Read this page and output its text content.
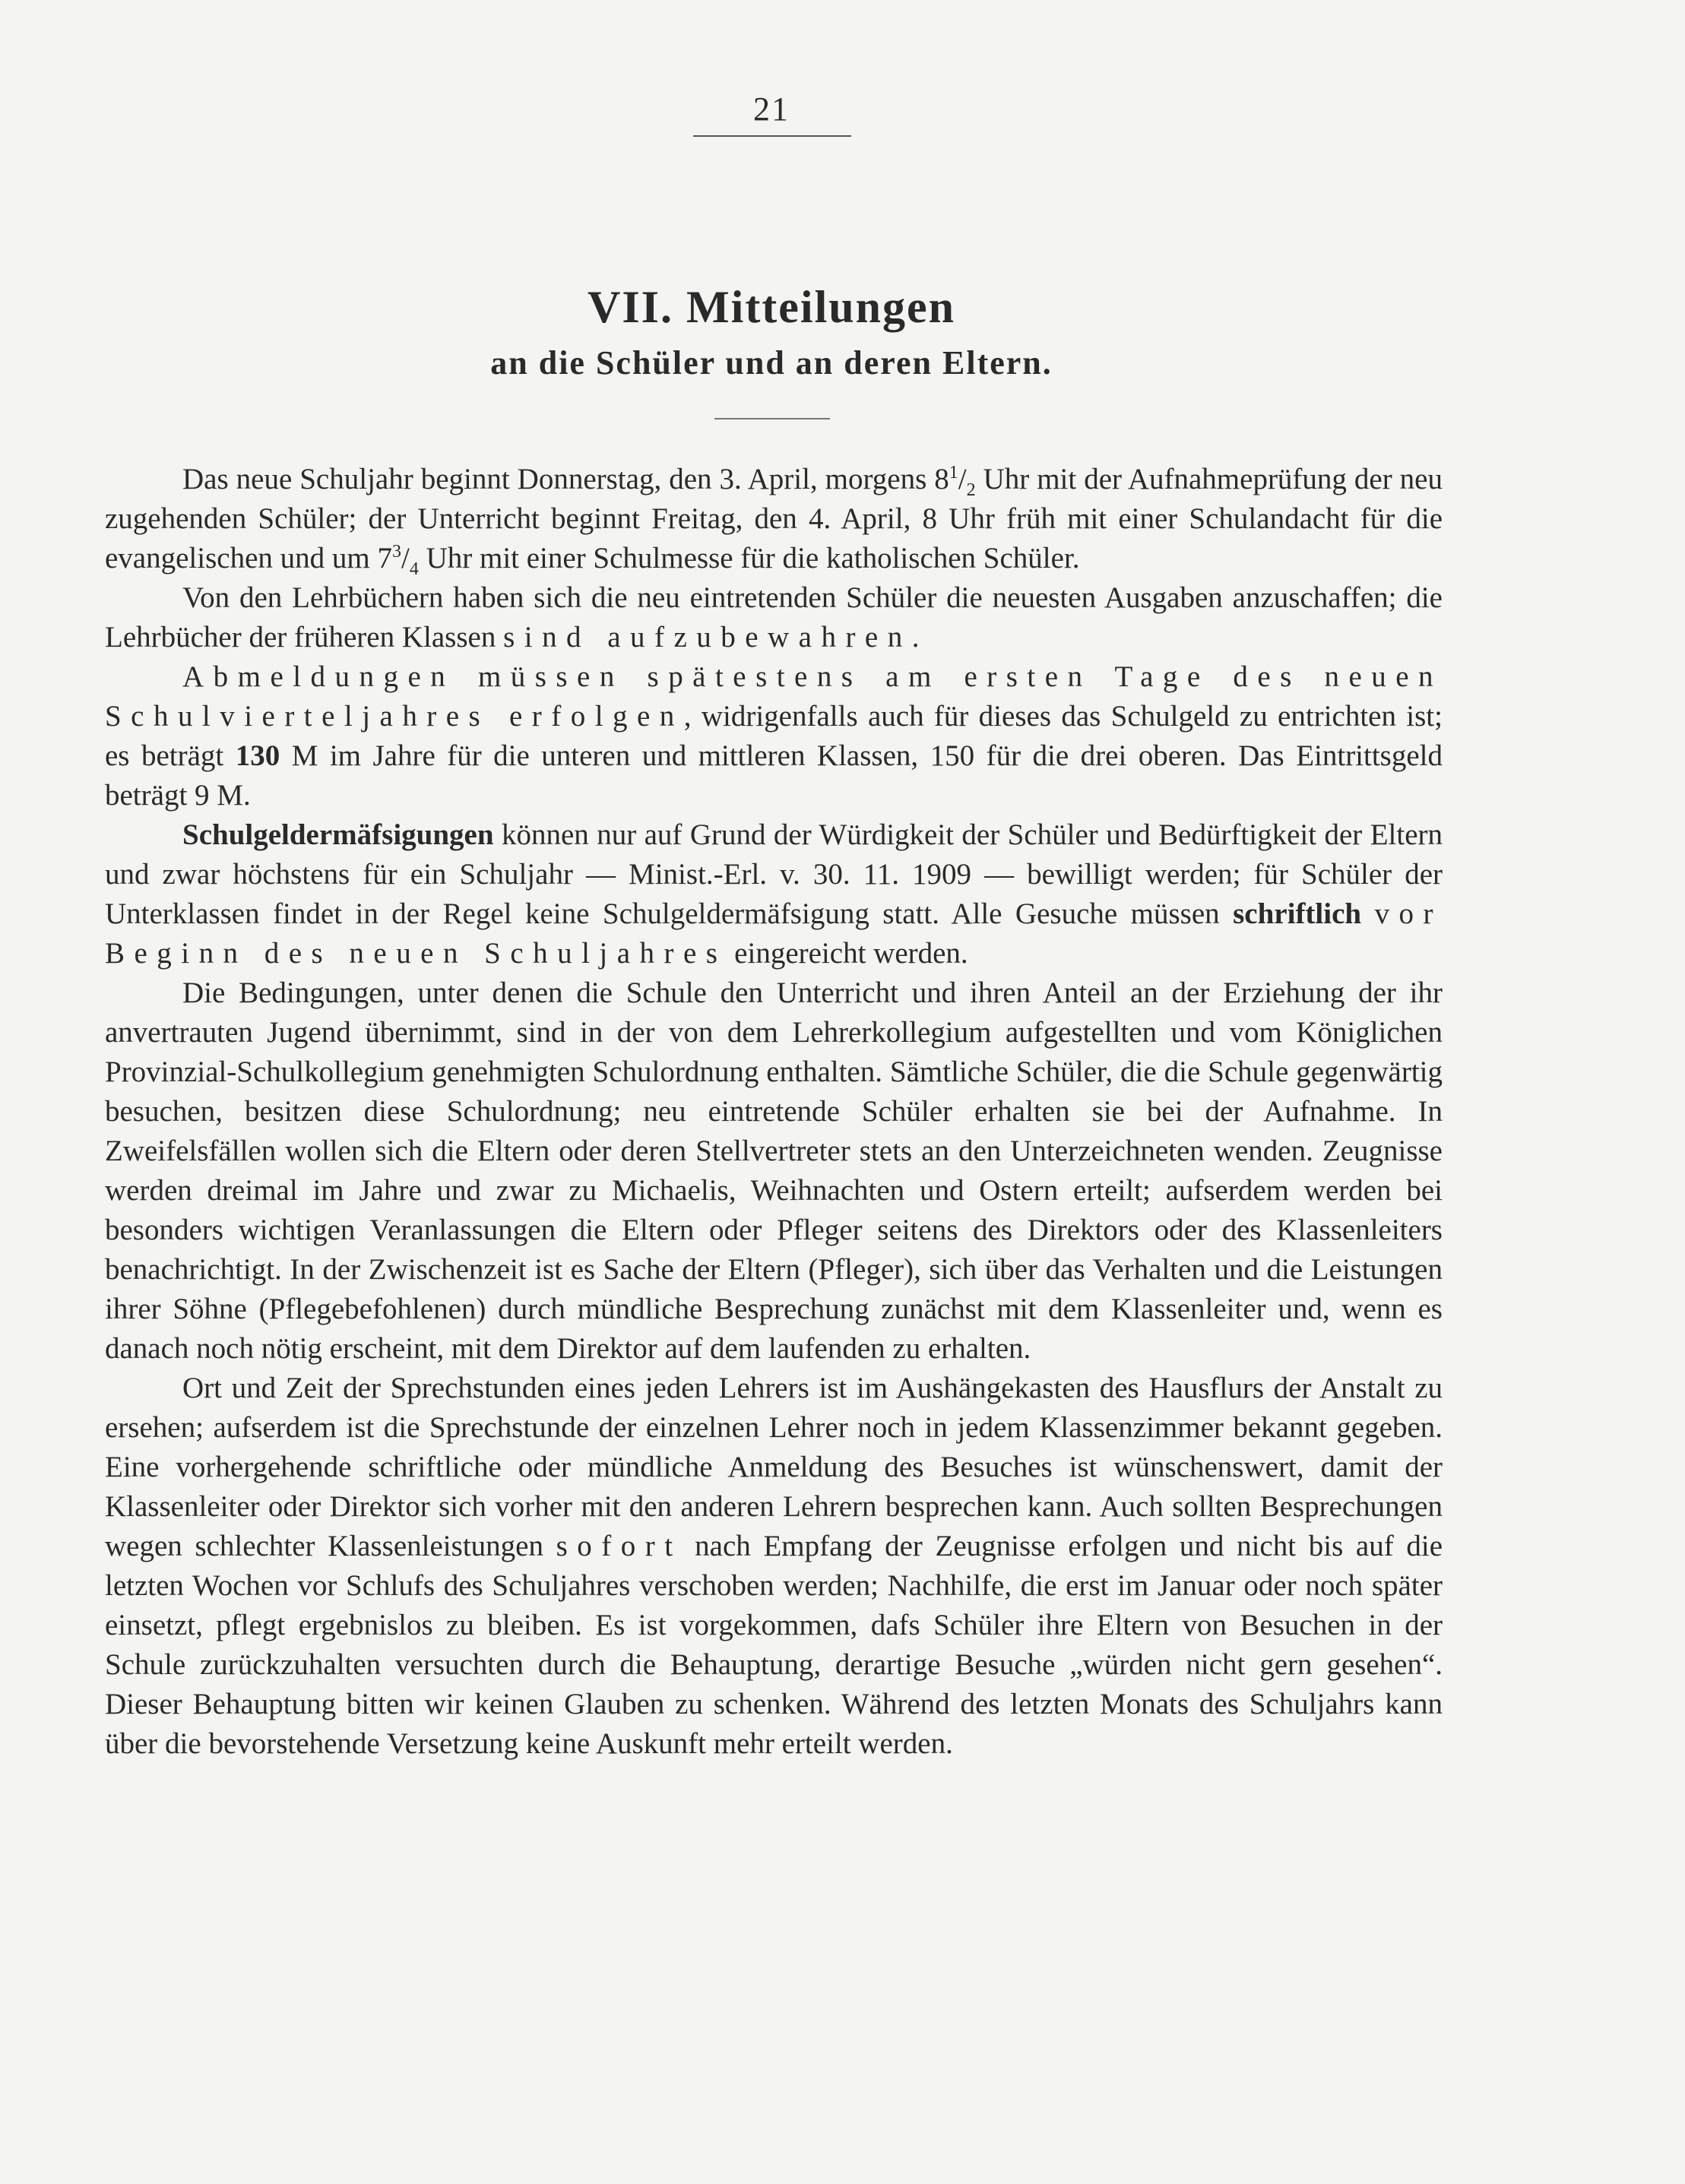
21
VII. Mitteilungen
an die Schüler und an deren Eltern.

Das neue Schuljahr beginnt Donnerstag, den 3. April, morgens $8^1/_2$ Uhr mit der Aufnahmeprüfung der neu zugehenden Schüler; der Unterricht beginnt Freitag, den 4. April, 8 Uhr früh mit einer Schulandacht für die evangelischen und um $7^3/_4$ Uhr mit einer Schulmesse für die katholischen Schüler.

Von den Lehrbüchern haben sich die neu eintretenden Schüler die neuesten Ausgaben anzuschaffen; die Lehrbücher der früheren Klassen sind aufzubewahren.

Abmeldungen müssen spätestens am ersten Tage des neuen Schulvierteljahres erfolgen, widrigenfalls auch für dieses das Schulgeld zu entrichten ist; es beträgt 130 M im Jahre für die unteren und mittleren Klassen, 150 für die drei oberen. Das Eintrittsgeld beträgt 9 M.

Schulgeldermäfsigungen können nur auf Grund der Würdigkeit der Schüler und Bedürftigkeit der Eltern und zwar höchstens für ein Schuljahr — Minist.-Erl. v. 30. 11. 1909 — bewilligt werden; für Schüler der Unterklassen findet in der Regel keine Schulgeldermäfsigung statt. Alle Gesuche müssen schriftlich vor Beginn des neuen Schuljahres eingereicht werden.

Die Bedingungen, unter denen die Schule den Unterricht und ihren Anteil an der Erziehung der ihr anvertrauten Jugend übernimmt, sind in der von dem Lehrerkollegium aufgestellten und vom Königlichen Provinzial-Schulkollegium genehmigten Schulordnung enthalten. Sämtliche Schüler, die die Schule gegenwärtig besuchen, besitzen diese Schulordnung; neu eintretende Schüler erhalten sie bei der Aufnahme. In Zweifelsfällen wollen sich die Eltern oder deren Stellvertreter stets an den Unterzeichneten wenden. Zeugnisse werden dreimal im Jahre und zwar zu Michaelis, Weihnachten und Ostern erteilt; aufserdem werden bei besonders wichtigen Veranlassungen die Eltern oder Pfleger seitens des Direktors oder des Klassenleiters benachrichtigt. In der Zwischenzeit ist es Sache der Eltern (Pfleger), sich über das Verhalten und die Leistungen ihrer Söhne (Pflegebefohlenen) durch mündliche Besprechung zunächst mit dem Klassenleiter und, wenn es danach noch nötig erscheint, mit dem Direktor auf dem laufenden zu erhalten.

Ort und Zeit der Sprechstunden eines jeden Lehrers ist im Aushängekasten des Hausflurs der Anstalt zu ersehen; aufserdem ist die Sprechstunde der einzelnen Lehrer noch in jedem Klassenzimmer bekannt gegeben. Eine vorhergehende schriftliche oder mündliche Anmeldung des Besuches ist wünschenswert, damit der Klassenleiter oder Direktor sich vorher mit den anderen Lehrern besprechen kann. Auch sollten Besprechungen wegen schlechter Klassenleistungen sofort nach Empfang der Zeugnisse erfolgen und nicht bis auf die letzten Wochen vor Schlufs des Schuljahres verschoben werden; Nachhilfe, die erst im Januar oder noch später einsetzt, pflegt ergebnislos zu bleiben. Es ist vorgekommen, dafs Schüler ihre Eltern von Besuchen in der Schule zurückzuhalten versuchten durch die Behauptung, derartige Besuche „würden nicht gern gesehen“. Dieser Behauptung bitten wir keinen Glauben zu schenken. Während des letzten Monats des Schuljahrs kann über die bevorstehende Versetzung keine Auskunft mehr erteilt werden.
